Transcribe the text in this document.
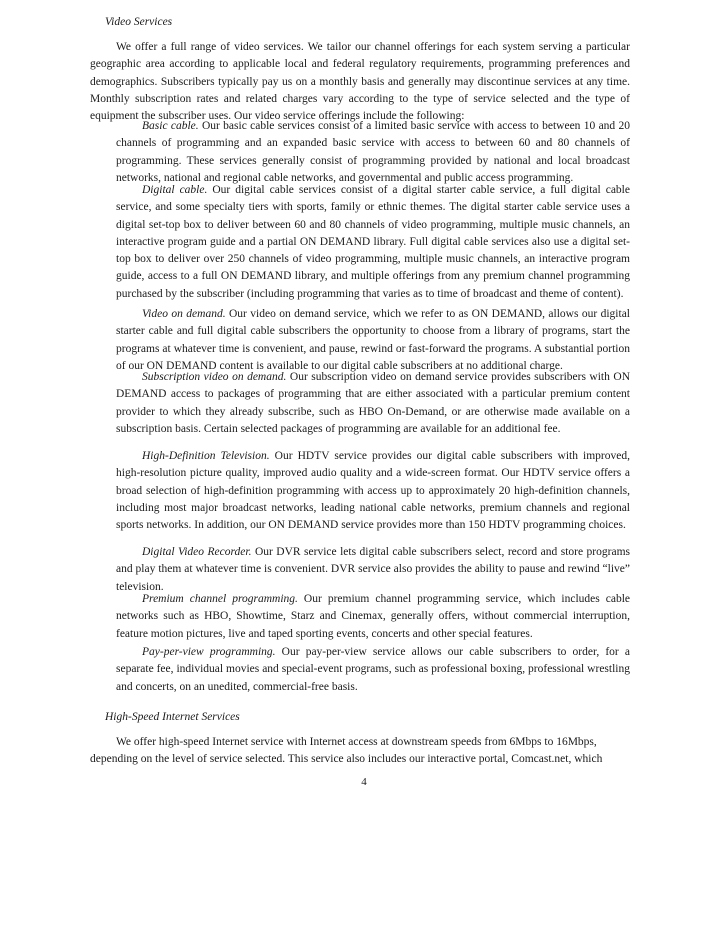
Video Services

We offer a full range of video services. We tailor our channel offerings for each system serving a particular geographic area according to applicable local and federal regulatory requirements, programming preferences and demographics. Subscribers typically pay us on a monthly basis and generally may discontinue services at any time. Monthly subscription rates and related charges vary according to the type of service selected and the type of equipment the subscriber uses. Our video service offerings include the following:

Basic cable. Our basic cable services consist of a limited basic service with access to between 10 and 20 channels of programming and an expanded basic service with access to between 60 and 80 channels of programming. These services generally consist of programming provided by national and local broadcast networks, national and regional cable networks, and governmental and public access programming.

Digital cable. Our digital cable services consist of a digital starter cable service, a full digital cable service, and some specialty tiers with sports, family or ethnic themes. The digital starter cable service uses a digital set-top box to deliver between 60 and 80 channels of video programming, multiple music channels, an interactive program guide and a partial ON DEMAND library. Full digital cable services also use a digital set-top box to deliver over 250 channels of video programming, multiple music channels, an interactive program guide, access to a full ON DEMAND library, and multiple offerings from any premium channel programming purchased by the subscriber (including programming that varies as to time of broadcast and theme of content).

Video on demand. Our video on demand service, which we refer to as ON DEMAND, allows our digital starter cable and full digital cable subscribers the opportunity to choose from a library of programs, start the programs at whatever time is convenient, and pause, rewind or fast-forward the programs. A substantial portion of our ON DEMAND content is available to our digital cable subscribers at no additional charge.

Subscription video on demand. Our subscription video on demand service provides subscribers with ON DEMAND access to packages of programming that are either associated with a particular premium content provider to which they already subscribe, such as HBO On-Demand, or are otherwise made available on a subscription basis. Certain selected packages of programming are available for an additional fee.

High-Definition Television. Our HDTV service provides our digital cable subscribers with improved, high-resolution picture quality, improved audio quality and a wide-screen format. Our HDTV service offers a broad selection of high-definition programming with access up to approximately 20 high-definition channels, including most major broadcast networks, leading national cable networks, premium channels and regional sports networks. In addition, our ON DEMAND service provides more than 150 HDTV programming choices.

Digital Video Recorder. Our DVR service lets digital cable subscribers select, record and store programs and play them at whatever time is convenient. DVR service also provides the ability to pause and rewind “live” television.

Premium channel programming. Our premium channel programming service, which includes cable networks such as HBO, Showtime, Starz and Cinemax, generally offers, without commercial interruption, feature motion pictures, live and taped sporting events, concerts and other special features.

Pay-per-view programming. Our pay-per-view service allows our cable subscribers to order, for a separate fee, individual movies and special-event programs, such as professional boxing, professional wrestling and concerts, on an unedited, commercial-free basis.

High-Speed Internet Services

We offer high-speed Internet service with Internet access at downstream speeds from 6Mbps to 16Mbps, depending on the level of service selected. This service also includes our interactive portal, Comcast.net, which

4
